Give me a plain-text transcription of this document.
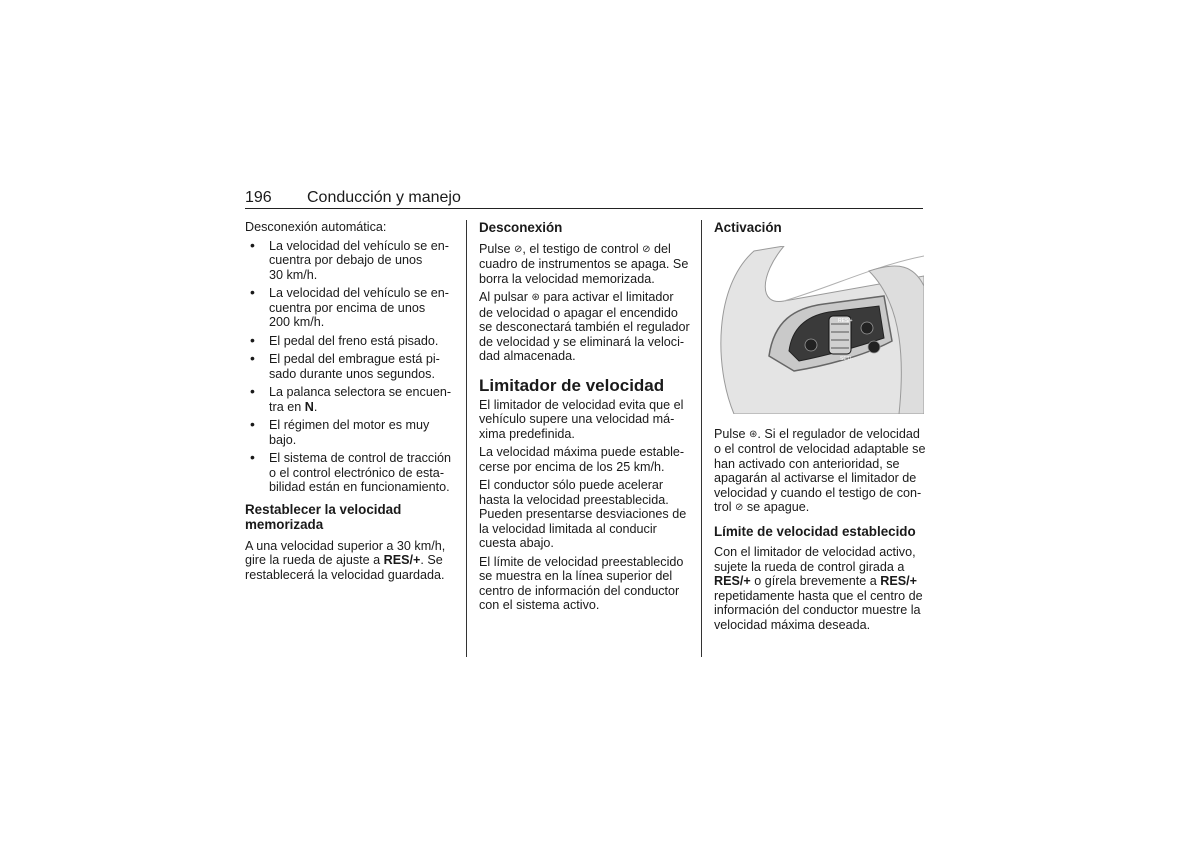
196 Conducción y manejo

Desconexión automática:

• La velocidad del vehículo se en-
cuentra por debajo de unos
30 km/h.
• La velocidad del vehículo se en-
cuentra por encima de unos
200 km/h.
• El pedal del freno está pisado.
• El pedal del embrague está pi-
sado durante unos segundos.
• La palanca selectora se encuen-
tra en N.
• El régimen del motor es muy
bajo.
• El sistema de control de tracción
o el control electrónico de esta-
bilidad están en funcionamiento.
Restablecer la velocidad
memorizada

A una velocidad superior a 30 km/h,
gire la rueda de ajuste a RES/+. Se
restablecerá la velocidad guardada.

Desconexión

Pulse ⊘, el testigo de control ⊘ del
cuadro de instrumentos se apaga. Se
borra la velocidad memorizada.

Al pulsar ⊛ para activar el limitador
de velocidad o apagar el encendido
se desconectará también el regulador
de velocidad y se eliminará la veloci-
dad almacenada.

Limitador de velocidad

El limitador de velocidad evita que el
vehículo supere una velocidad má-
xima predefinida.

La velocidad máxima puede estable-
cerse por encima de los 25 km/h.

El conductor sólo puede acelerar
hasta la velocidad preestablecida.
Pueden presentarse desviaciones de
la velocidad limitada al conducir
cuesta abajo.

El límite de velocidad preestablecido
se muestra en la línea superior del
centro de información del conductor
con el sistema activo.

Activación
RES/+
SET/-

Pulse ⊛. Si el regulador de velocidad
o el control de velocidad adaptable se
han activado con anterioridad, se
apagarán al activarse el limitador de
velocidad y cuando el testigo de con-
trol ⊘ se apague.

Límite de velocidad establecido

Con el limitador de velocidad activo,
sujete la rueda de control girada a
RES/+ o gírela brevemente a RES/+
repetidamente hasta que el centro de
información del conductor muestre la
velocidad máxima deseada.
